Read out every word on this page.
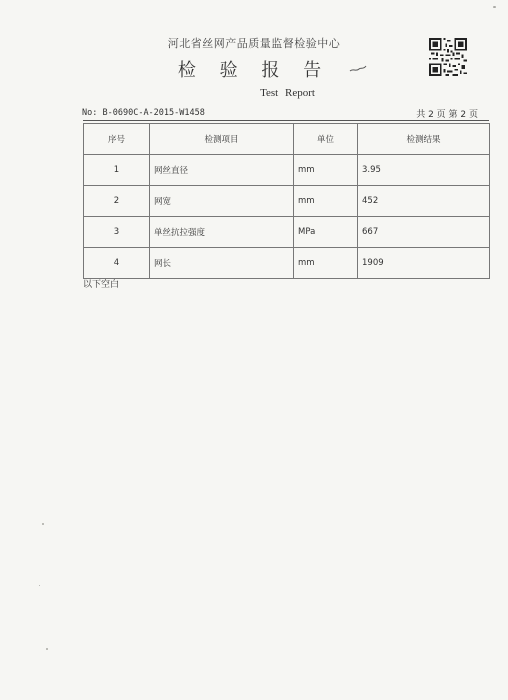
河北省丝网产品质量监督检验中心
检 验 报 告
Test Report
No: B-0690C-A-2015-W1458	共 2 页 第 2 页
序号	检测项目	单位	检测结果
1	网丝直径	mm	3.95
2	网宽	mm	452
3	单丝抗拉强度	MPa	667
4	网长	mm	1909
以下空白
